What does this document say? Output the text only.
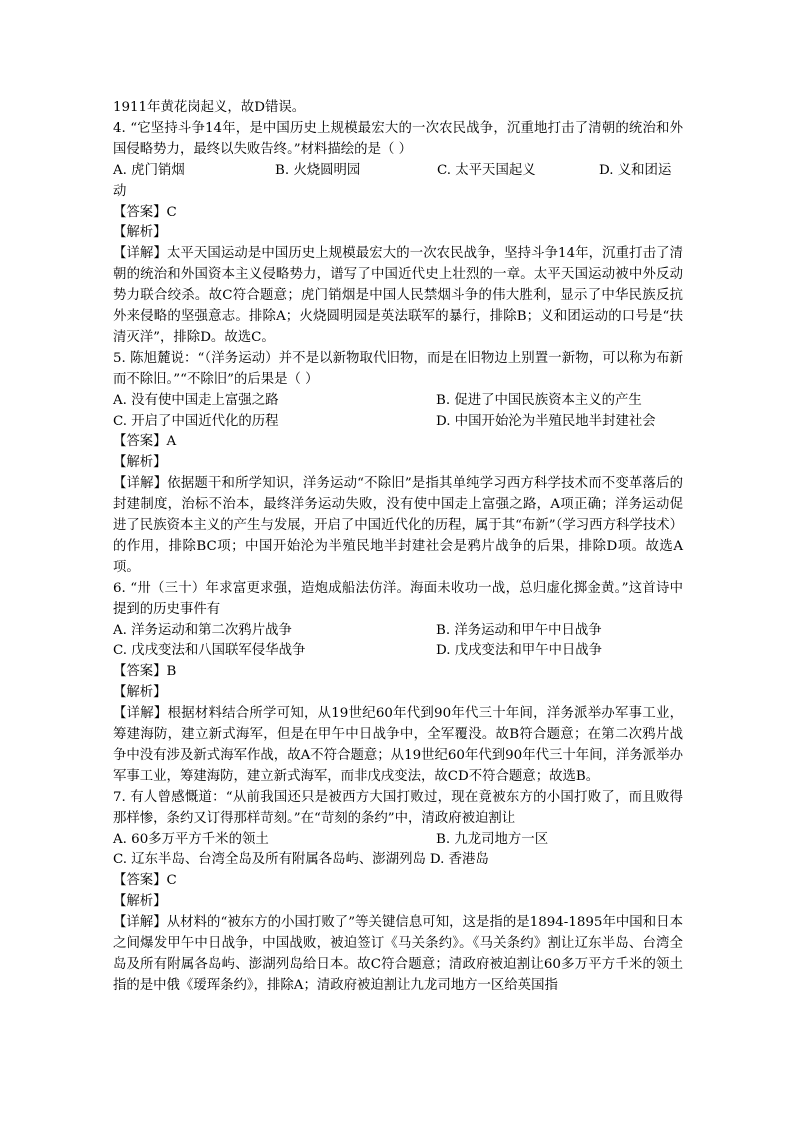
1911年黄花岗起义，故D错误。
4. “它坚持斗争14年，是中国历史上规模最宏大的一次农民战争，沉重地打击了清朝的统治和外国侵略势力，最终以失败告终。”材料描绘的是（ ）
A. 虎门销烟	B. 火烧圆明园	C. 太平天国起义	D. 义和团运动
【答案】C
【解析】
【详解】太平天国运动是中国历史上规模最宏大的一次农民战争，坚持斗争14年，沉重打击了清朝的统治和外国资本主义侵略势力，谱写了中国近代史上壮烈的一章。太平天国运动被中外反动势力联合绞杀。故C符合题意；虎门销烟是中国人民禁烟斗争的伟大胜利，显示了中华民族反抗外来侵略的坚强意志。排除A；火烧圆明园是英法联军的暴行，排除B；义和团运动的口号是“扶清灭洋”，排除D。故选C。
5. 陈旭麓说：“（洋务运动）并不是以新物取代旧物，而是在旧物边上别置一新物，可以称为布新而不除旧。”“不除旧”的后果是（ ）
A. 没有使中国走上富强之路	B. 促进了中国民族资本主义的产生
C. 开启了中国近代化的历程	D. 中国开始沦为半殖民地半封建社会
【答案】A
【解析】
【详解】依据题干和所学知识，洋务运动“不除旧”是指其单纯学习西方科学技术而不变革落后的封建制度，治标不治本，最终洋务运动失败，没有使中国走上富强之路，A项正确；洋务运动促进了民族资本主义的产生与发展，开启了中国近代化的历程，属于其“布新”（学习西方科学技术）的作用，排除BC项；中国开始沦为半殖民地半封建社会是鸦片战争的后果，排除D项。故选A项。
6. “卅（三十）年求富更求强，造炮成船法仿洋。海面未收功一战，总归虚化掷金黄。”这首诗中提到的历史事件有
A. 洋务运动和第二次鸦片战争	B. 洋务运动和甲午中日战争
C. 戊戌变法和八国联军侵华战争	D. 戊戌变法和甲午中日战争
【答案】B
【解析】
【详解】根据材料结合所学可知，从19世纪60年代到90年代三十年间，洋务派举办军事工业，筹建海防，建立新式海军，但是在甲午中日战争中，全军覆没。故B符合题意；在第二次鸦片战争中没有涉及新式海军作战，故A不符合题意；从19世纪60年代到90年代三十年间，洋务派举办军事工业，筹建海防，建立新式海军，而非戊戌变法，故CD不符合题意；故选B。
7. 有人曾感慨道：“从前我国还只是被西方大国打败过，现在竟被东方的小国打败了，而且败得那样惨，条约又订得那样苛刻。”在“苛刻的条约”中，清政府被迫割让
A. 60多万平方千米的领土	B. 九龙司地方一区
C. 辽东半岛、台湾全岛及所有附属各岛屿、澎湖列岛 D. 香港岛
【答案】C
【解析】
【详解】从材料的“被东方的小国打败了”等关键信息可知，这是指的是1894-1895年中国和日本之间爆发甲午中日战争，中国战败，被迫签订《马关条约》。《马关条约》割让辽东半岛、台湾全岛及所有附属各岛屿、澎湖列岛给日本。故C符合题意；清政府被迫割让60多万平方千米的领土指的是中俄《瑷珲条约》，排除A；清政府被迫割让九龙司地方一区给英国指
